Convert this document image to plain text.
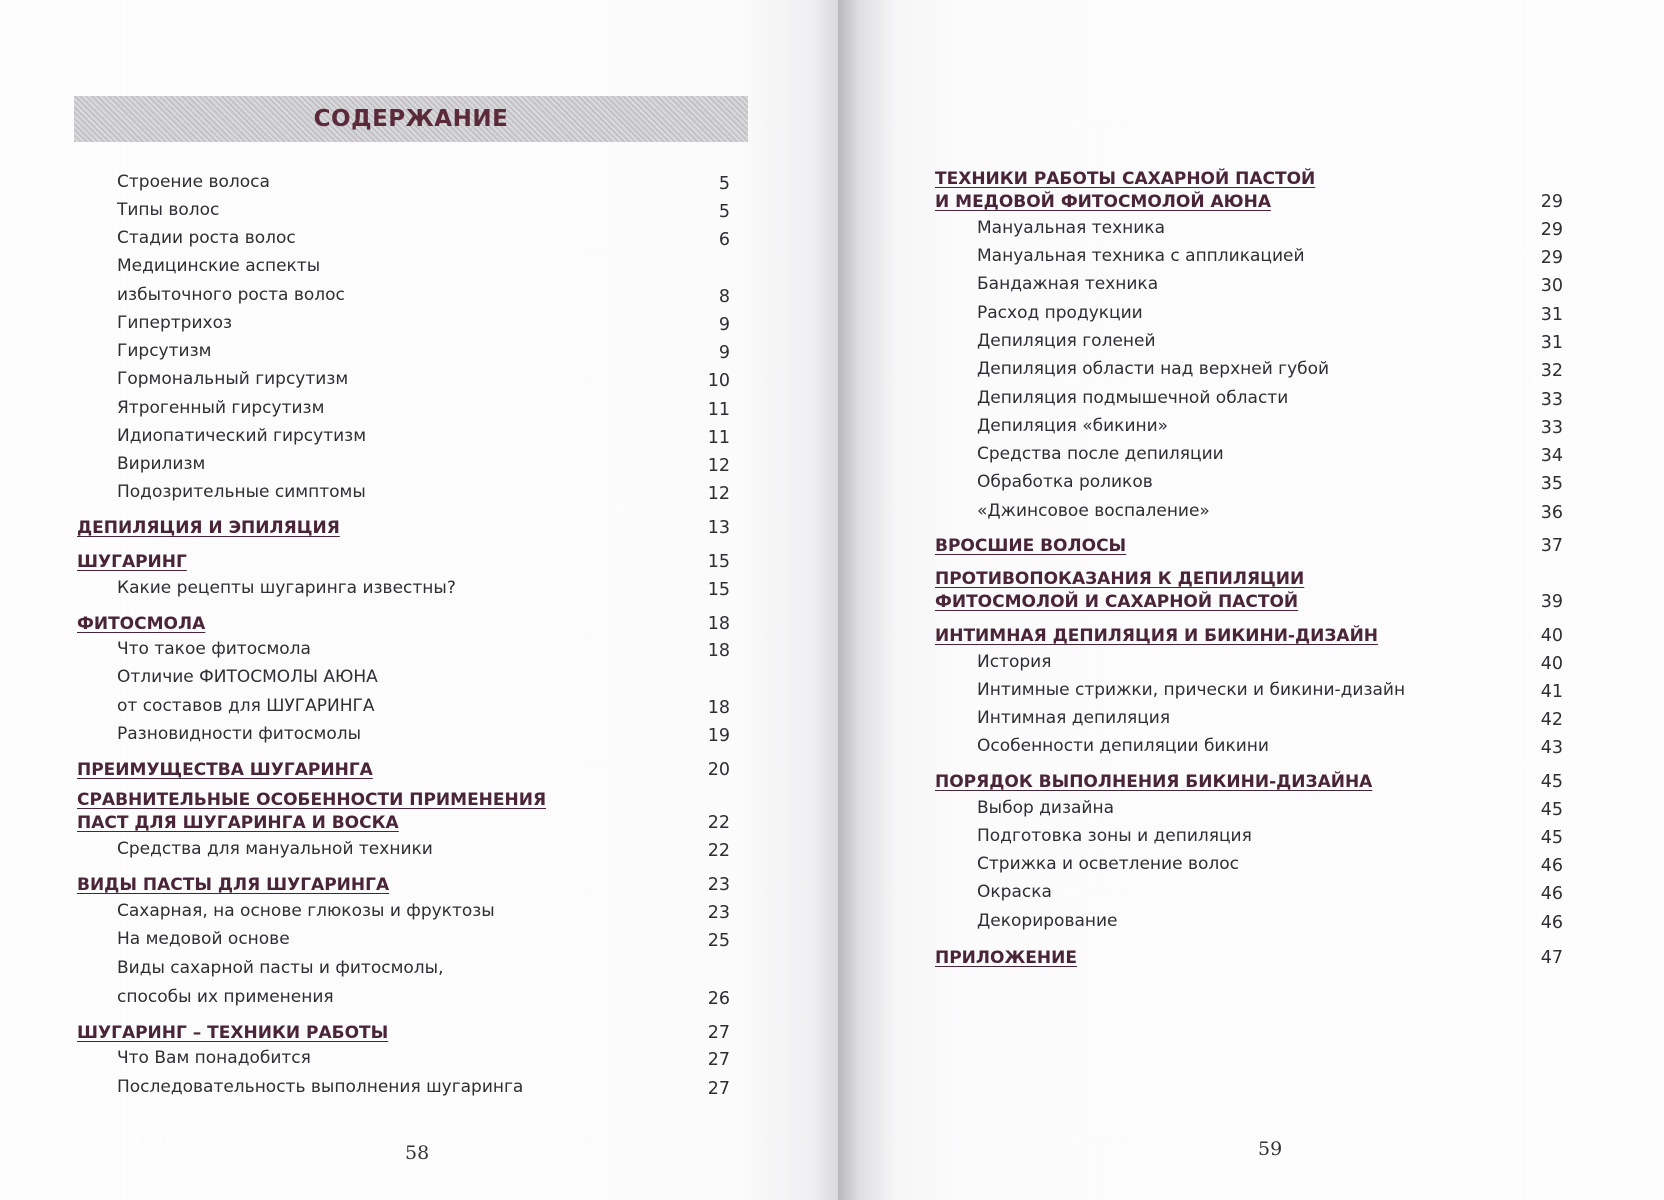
СОДЕРЖАНИЕ
Строение волоса	5
Типы волос	5
Стадии роста волос	6
Медицинские аспекты
избыточного роста волос	8
Гипертрихоз	9
Гирсутизм	9
Гормональный гирсутизм	10
Ятрогенный гирсутизм	11
Идиопатический гирсутизм	11
Вирилизм	12
Подозрительные симптомы	12
ДЕПИЛЯЦИЯ И ЭПИЛЯЦИЯ	13
ШУГАРИНГ	15
Какие рецепты шугаринга известны?	15
ФИТОСМОЛА	18
Что такое фитосмола	18
Отличие ФИТОСМОЛЫ АЮНА
от составов для ШУГАРИНГА	18
Разновидности фитосмолы	19
ПРЕИМУЩЕСТВА ШУГАРИНГА	20
СРАВНИТЕЛЬНЫЕ ОСОБЕННОСТИ ПРИМЕНЕНИЯ
ПАСТ ДЛЯ ШУГАРИНГА И ВОСКА	22
Средства для мануальной техники	22
ВИДЫ ПАСТЫ ДЛЯ ШУГАРИНГА	23
Сахарная, на основе глюкозы и фруктозы	23
На медовой основе	25
Виды сахарной пасты и фитосмолы,
способы их применения	26
ШУГАРИНГ – ТЕХНИКИ РАБОТЫ	27
Что Вам понадобится	27
Последовательность выполнения шугаринга	27
58
ТЕХНИКИ РАБОТЫ САХАРНОЙ ПАСТОЙ
И МЕДОВОЙ ФИТОСМОЛОЙ АЮНА	29
Мануальная техника	29
Мануальная техника с аппликацией	29
Бандажная техника	30
Расход продукции	31
Депиляция голеней	31
Депиляция области над верхней губой	32
Депиляция подмышечной области	33
Депиляция «бикини»	33
Средства после депиляции	34
Обработка роликов	35
«Джинсовое воспаление»	36
ВРОСШИЕ ВОЛОСЫ	37
ПРОТИВОПОКАЗАНИЯ К ДЕПИЛЯЦИИ
ФИТОСМОЛОЙ И САХАРНОЙ ПАСТОЙ	39
ИНТИМНАЯ ДЕПИЛЯЦИЯ И БИКИНИ-ДИЗАЙН	40
История	40
Интимные стрижки, прически и бикини-дизайн	41
Интимная депиляция	42
Особенности депиляции бикини	43
ПОРЯДОК ВЫПОЛНЕНИЯ БИКИНИ-ДИЗАЙНА	45
Выбор дизайна	45
Подготовка зоны и депиляция	45
Стрижка и осветление волос	46
Окраска	46
Декорирование	46
ПРИЛОЖЕНИЕ	47
59
